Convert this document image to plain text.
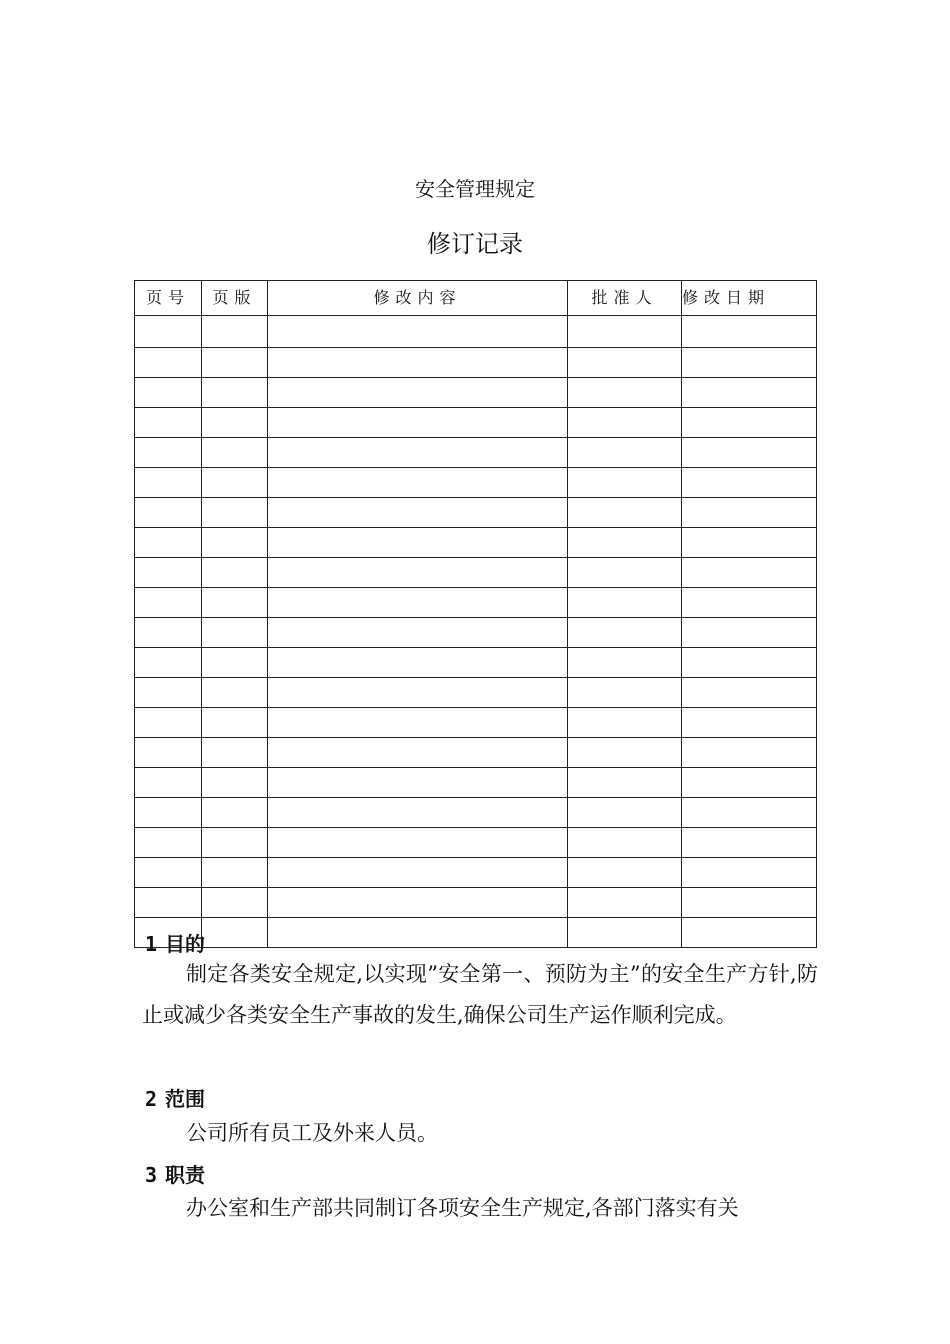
安全管理规定
修订记录
页号	页版	修改内容	批准人	修改日期

1 目的
制定各类安全规定,以实现”安全第一、预防为主”的安全生产方针,防止或减少各类安全生产事故的发生,确保公司生产运作顺利完成。
2 范围
公司所有员工及外来人员。
3 职责
办公室和生产部共同制订各项安全生产规定,各部门落实有关
